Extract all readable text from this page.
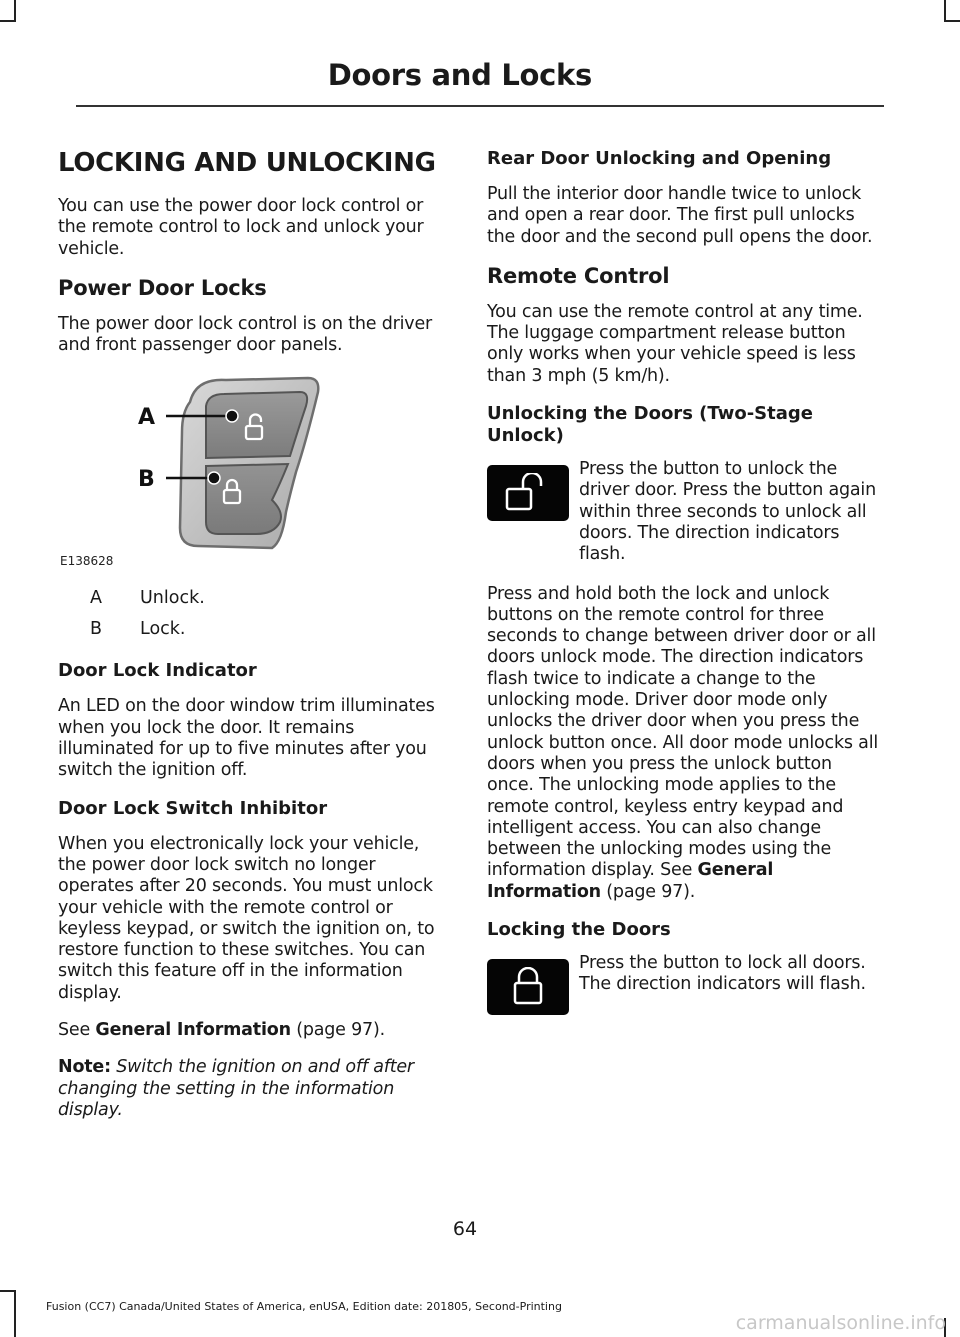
Doors and Locks
LOCKING AND UNLOCKING

You can use the power door lock control or the remote control to lock and unlock your vehicle.

Power Door Locks

The power door lock control is on the driver and front passenger door panels.

A
B
E138628
A	Unlock.
B	Lock.
Door Lock Indicator

An LED on the door window trim illuminates when you lock the door. It remains illuminated for up to five minutes after you switch the ignition off.

Door Lock Switch Inhibitor

When you electronically lock your vehicle, the power door lock switch no longer operates after 20 seconds. You must unlock your vehicle with the remote control or keyless keypad, or switch the ignition on, to restore function to these switches. You can switch this feature off in the information display.

See General Information (page 97).

Note: Switch the ignition on and off after changing the setting in the information display.

Rear Door Unlocking and Opening

Pull the interior door handle twice to unlock and open a rear door. The first pull unlocks the door and the second pull opens the door.

Remote Control

You can use the remote control at any time. The luggage compartment release button only works when your vehicle speed is less than 3 mph (5 km/h).

Unlocking the Doors (Two-Stage Unlock)

Press the button to unlock the driver door. Press the button again within three seconds to unlock all doors. The direction indicators flash.

Press and hold both the lock and unlock buttons on the remote control for three seconds to change between driver door or all doors unlock mode. The direction indicators flash twice to indicate a change to the unlocking mode. Driver door mode only unlocks the driver door when you press the unlock button once. All door mode unlocks all doors when you press the unlock button once. The unlocking mode applies to the remote control, keyless entry keypad and intelligent access. You can also change between the unlocking modes using the information display. See General Information (page 97).

Locking the Doors

Press the button to lock all doors. The direction indicators will flash.

64
Fusion (CC7) Canada/United States of America, enUSA, Edition date: 201805, Second-Printing
carmanualsonline.info
